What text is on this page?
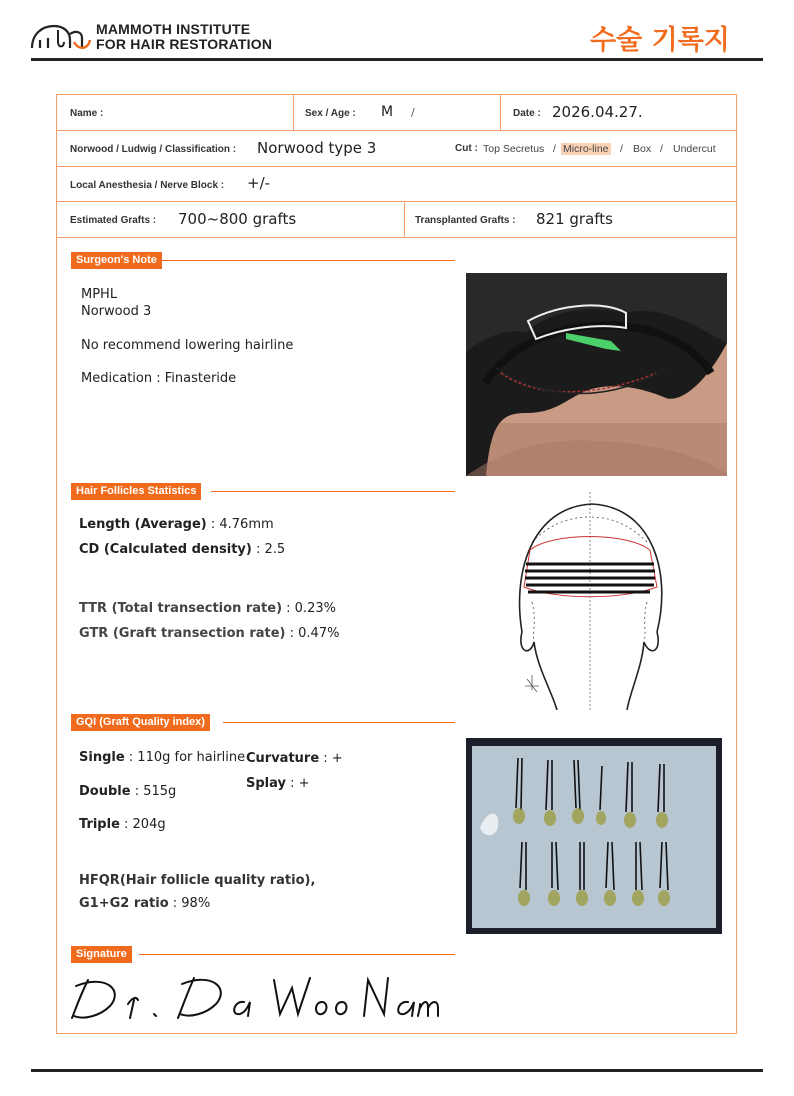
MAMMOTH INSTITUTE
FOR HAIR RESTORATION	수술 기록지
Name :	Sex / Age : M /	Date : 2026.04.27.
Norwood / Ludwig / Classification : Norwood type 3	Cut : Top Secretus / Micro-line / Box / Undercut
Local Anesthesia / Nerve Block : +/-
Estimated Grafts : 700~800 grafts	Transplanted Grafts : 821 grafts
Surgeon's Note
MPHL
Norwood 3
No recommend lowering hairline
Medication : Finasteride
Hair Follicles Statistics
Length (Average) : 4.76mm
CD (Calculated density) : 2.5
TTR (Total transection rate) : 0.23%
GTR (Graft transection rate) : 0.47%
GQI (Graft Quality index)
Single : 110g for hairline Curvature : +
Splay : +
Double : 515g
Triple : 204g
HFQR(Hair follicle quality ratio),
G1+G2 ratio : 98%
Signature
